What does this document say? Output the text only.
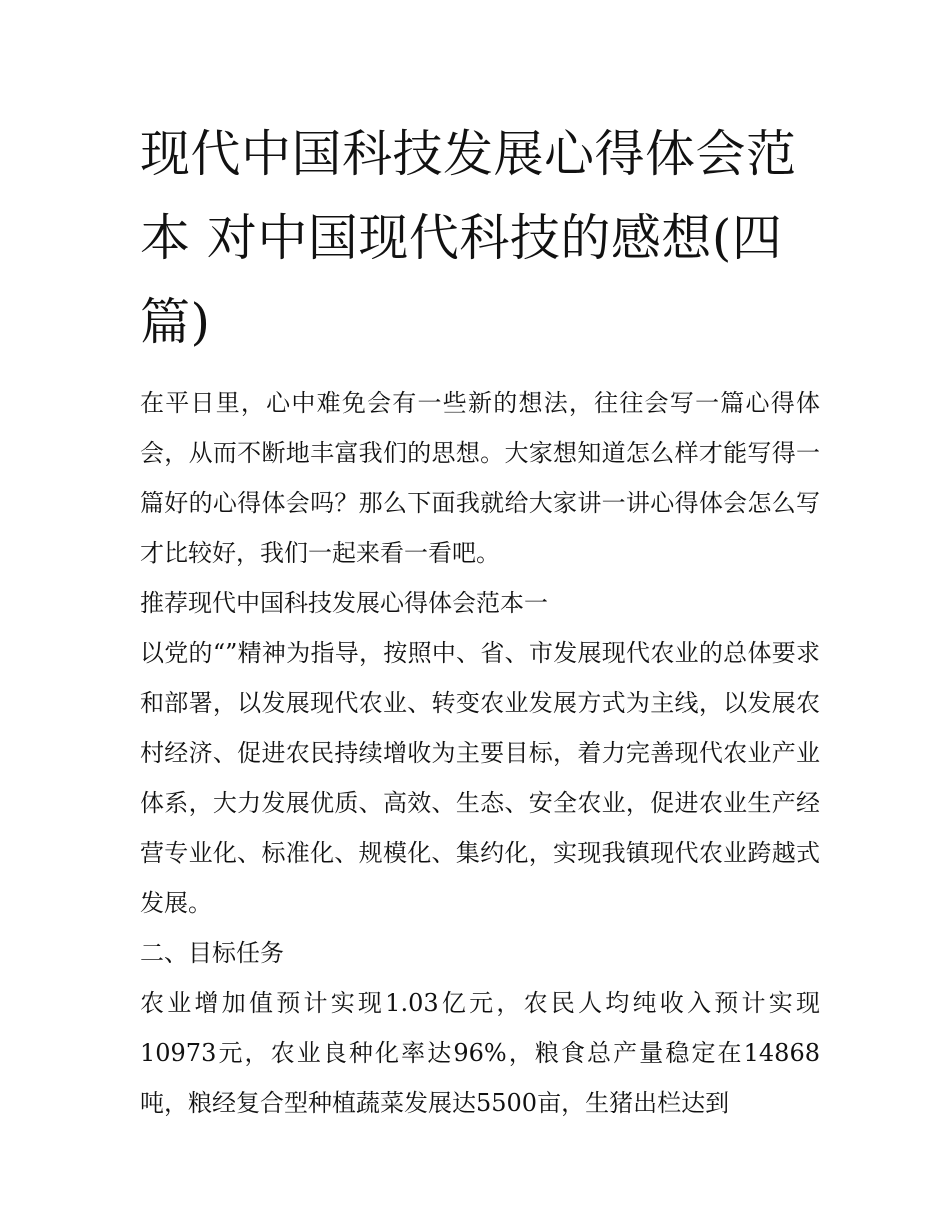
现代中国科技发展心得体会范本 对中国现代科技的感想(四篇)

在平日里，心中难免会有一些新的想法，往往会写一篇心得体会，从而不断地丰富我们的思想。大家想知道怎么样才能写得一篇好的心得体会吗？那么下面我就给大家讲一讲心得体会怎么写才比较好，我们一起来看一看吧。

推荐现代中国科技发展心得体会范本一

以党的“”精神为指导，按照中、省、市发展现代农业的总体要求和部署，以发展现代农业、转变农业发展方式为主线，以发展农村经济、促进农民持续增收为主要目标，着力完善现代农业产业体系，大力发展优质、高效、生态、安全农业，促进农业生产经营专业化、标准化、规模化、集约化，实现我镇现代农业跨越式发展。

二、目标任务

农业增加值预计实现1.03亿元，农民人均纯收入预计实现10973元，农业良种化率达96%，粮食总产量稳定在14868吨，粮经复合型种植蔬菜发展达5500亩，生猪出栏达到
